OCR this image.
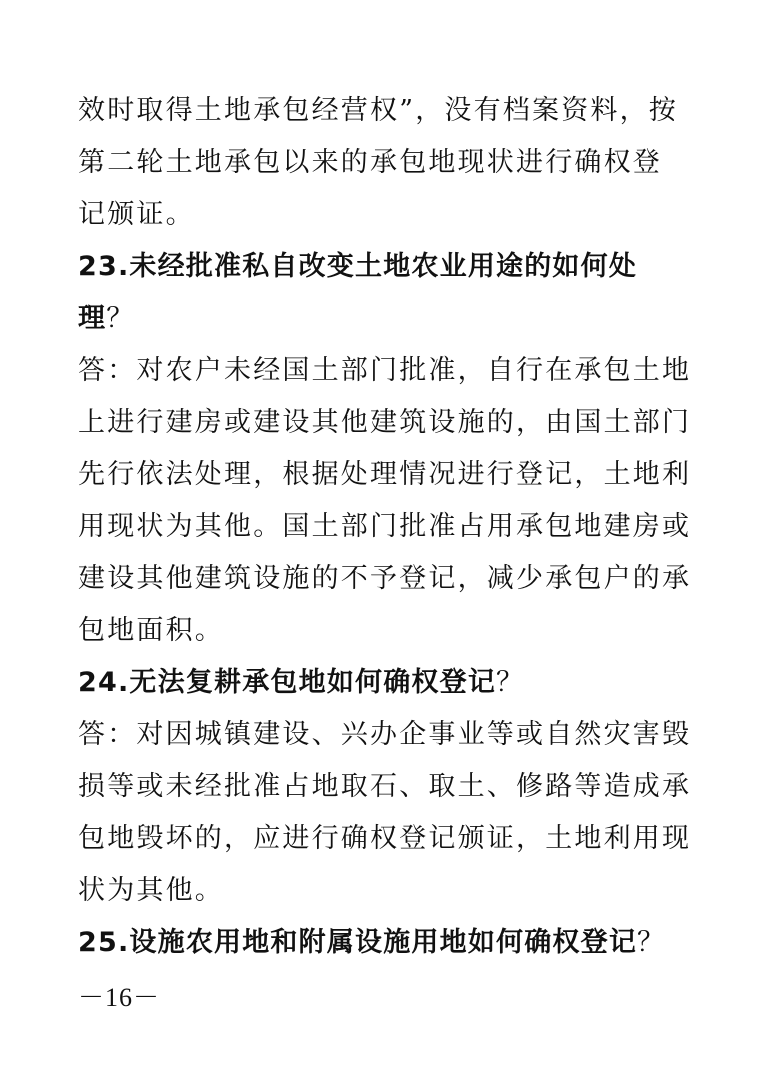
效时取得土地承包经营权”，没有档案资料，按
第二轮土地承包以来的承包地现状进行确权登
记颁证。
23.未经批准私自改变土地农业用途的如何处
理？
答：对农户未经国土部门批准，自行在承包土地
上进行建房或建设其他建筑设施的，由国土部门
先行依法处理，根据处理情况进行登记，土地利
用现状为其他。国土部门批准占用承包地建房或
建设其他建筑设施的不予登记，减少承包户的承
包地面积。
24.无法复耕承包地如何确权登记？
答：对因城镇建设、兴办企事业等或自然灾害毁
损等或未经批准占地取石、取土、修路等造成承
包地毁坏的，应进行确权登记颁证，土地利用现
状为其他。
25.设施农用地和附属设施用地如何确权登记？
－16－
